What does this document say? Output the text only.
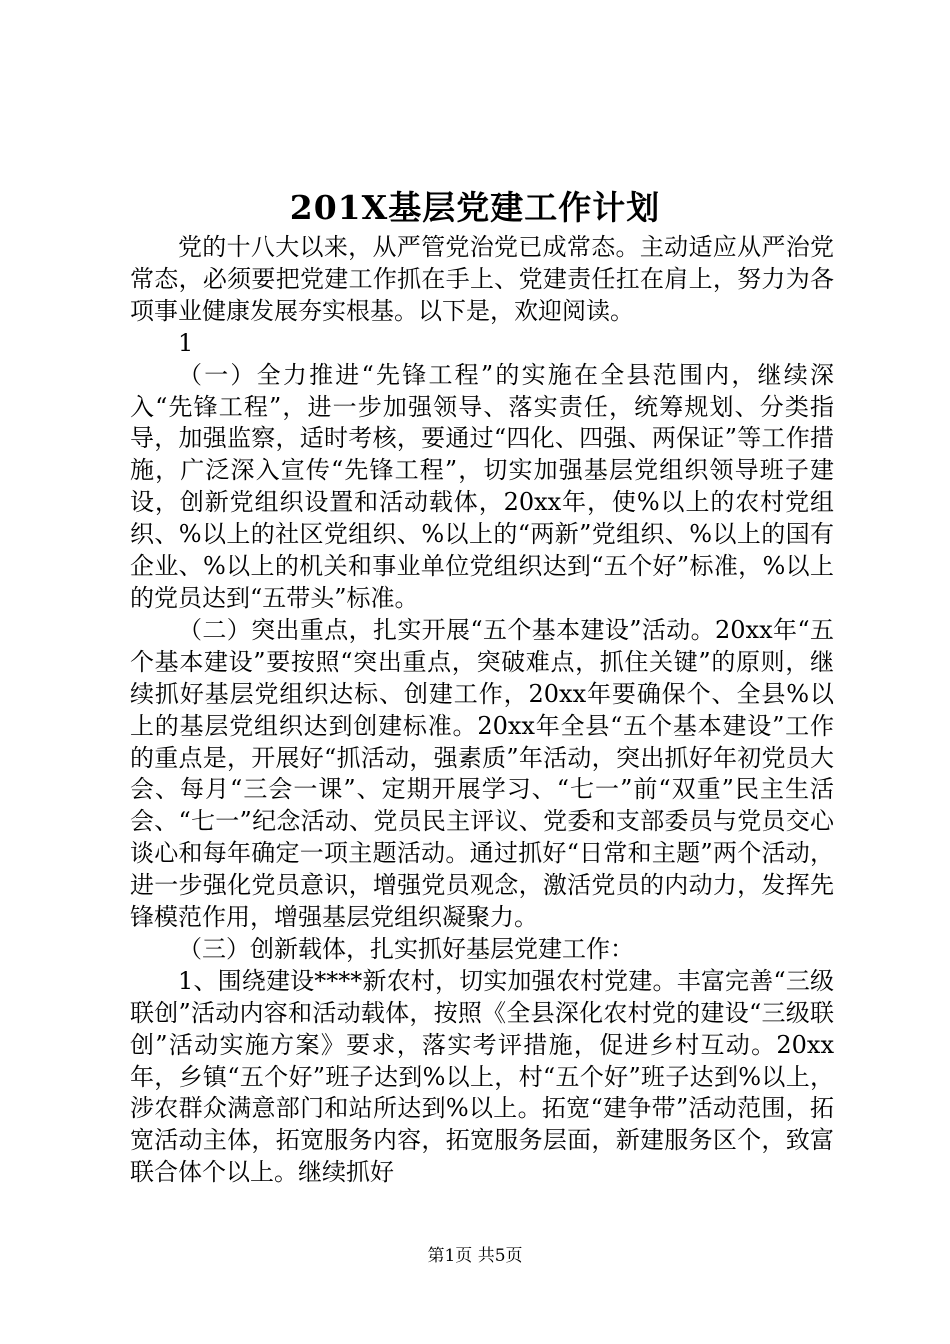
201X基层党建工作计划

党的十八大以来，从严管党治党已成常态。主动适应从严治党常态，必须要把党建工作抓在手上、党建责任扛在肩上，努力为各项事业健康发展夯实根基。以下是，欢迎阅读。

1

（一）全力推进“先锋工程”的实施在全县范围内，继续深入“先锋工程”，进一步加强领导、落实责任，统筹规划、分类指导，加强监察，适时考核，要通过“四化、四强、两保证”等工作措施，广泛深入宣传“先锋工程”，切实加强基层党组织领导班子建设，创新党组织设置和活动载体，20xx年，使%以上的农村党组织、%以上的社区党组织、%以上的“两新”党组织、%以上的国有企业、%以上的机关和事业单位党组织达到“五个好”标准，%以上的党员达到“五带头”标准。

（二）突出重点，扎实开展“五个基本建设”活动。20xx年“五个基本建设”要按照“突出重点，突破难点，抓住关键”的原则，继续抓好基层党组织达标、创建工作，20xx年要确保个、全县%以上的基层党组织达到创建标准。20xx年全县“五个基本建设”工作的重点是，开展好“抓活动，强素质”年活动，突出抓好年初党员大会、每月“三会一课”、定期开展学习、“七一”前“双重”民主生活会、“七一”纪念活动、党员民主评议、党委和支部委员与党员交心谈心和每年确定一项主题活动。通过抓好“日常和主题”两个活动，进一步强化党员意识，增强党员观念，激活党员的内动力，发挥先锋模范作用，增强基层党组织凝聚力。

（三）创新载体，扎实抓好基层党建工作：

1、围绕建设****新农村，切实加强农村党建。丰富完善“三级联创”活动内容和活动载体，按照《全县深化农村党的建设“三级联创”活动实施方案》要求，落实考评措施，促进乡村互动。20xx年，乡镇“五个好”班子达到%以上，村“五个好”班子达到%以上，涉农群众满意部门和站所达到%以上。拓宽“建争带”活动范围，拓宽活动主体，拓宽服务内容，拓宽服务层面，新建服务区个，致富联合体个以上。继续抓好

第1页 共5页
